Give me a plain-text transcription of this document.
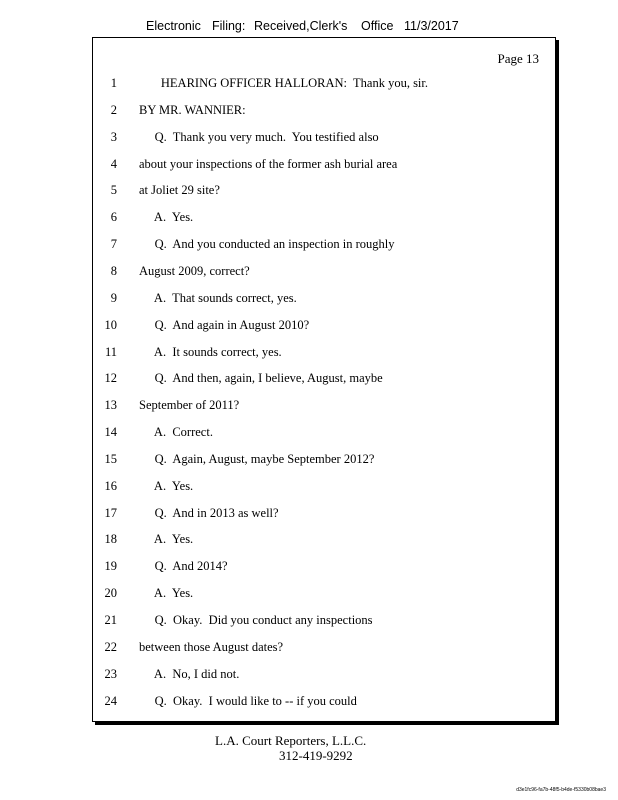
Electronic Filing: Received,Clerk's Office 11/3/2017
Page 13
1 HEARING OFFICER HALLORAN:  Thank you, sir.
2 BY MR. WANNIER:
3 Q.  Thank you very much.  You testified also
4 about your inspections of the former ash burial area
5 at Joliet 29 site?
6 A.  Yes.
7 Q.  And you conducted an inspection in roughly
8 August 2009, correct?
9 A.  That sounds correct, yes.
10 Q.  And again in August 2010?
11 A.  It sounds correct, yes.
12 Q.  And then, again, I believe, August, maybe
13 September of 2011?
14 A.  Correct.
15 Q.  Again, August, maybe September 2012?
16 A.  Yes.
17 Q.  And in 2013 as well?
18 A.  Yes.
19 Q.  And 2014?
20 A.  Yes.
21 Q.  Okay.  Did you conduct any inspections
22 between those August dates?
23 A.  No, I did not.
24 Q.  Okay.  I would like to -- if you could
L.A. Court Reporters, L.L.C.
312-419-9292
d3e1fc96-fa7b-48f5-b4de-f5330b08bae3
